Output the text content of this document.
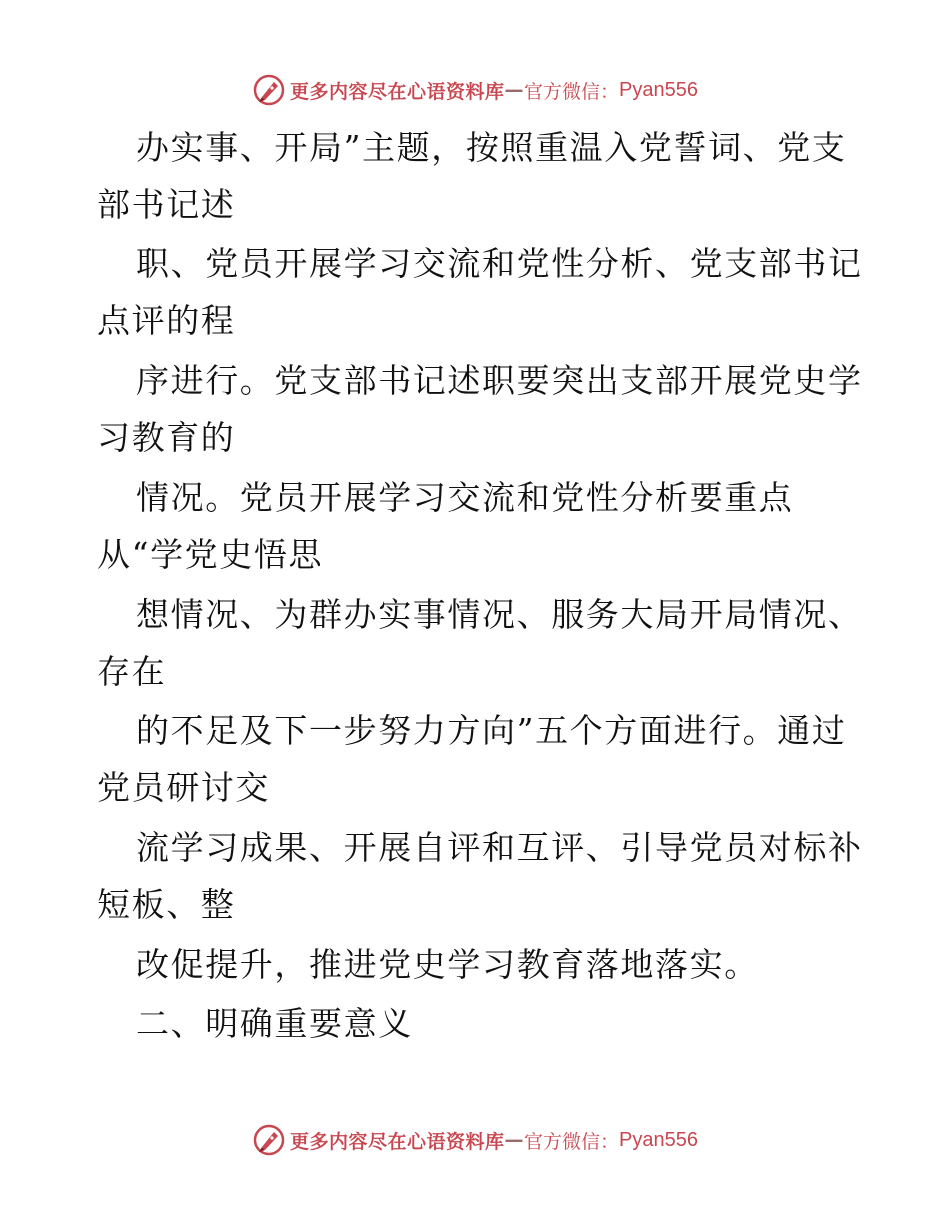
更多内容尽在心语资料库 — 官方微信： Pyan556
办实事、开局”主题，按照重温入党誓词、党支
部书记述
职、党员开展学习交流和党性分析、党支部书记
点评的程
序进行。党支部书记述职要突出支部开展党史学
习教育的
情况。党员开展学习交流和党性分析要重点
从“学党史悟思
想情况、为群办实事情况、服务大局开局情况、
存在
的不足及下一步努力方向”五个方面进行。通过
党员研讨交
流学习成果、开展自评和互评、引导党员对标补
短板、整
改促提升，推进党史学习教育落地落实。
二、明确重要意义
更多内容尽在心语资料库 — 官方微信： Pyan556
